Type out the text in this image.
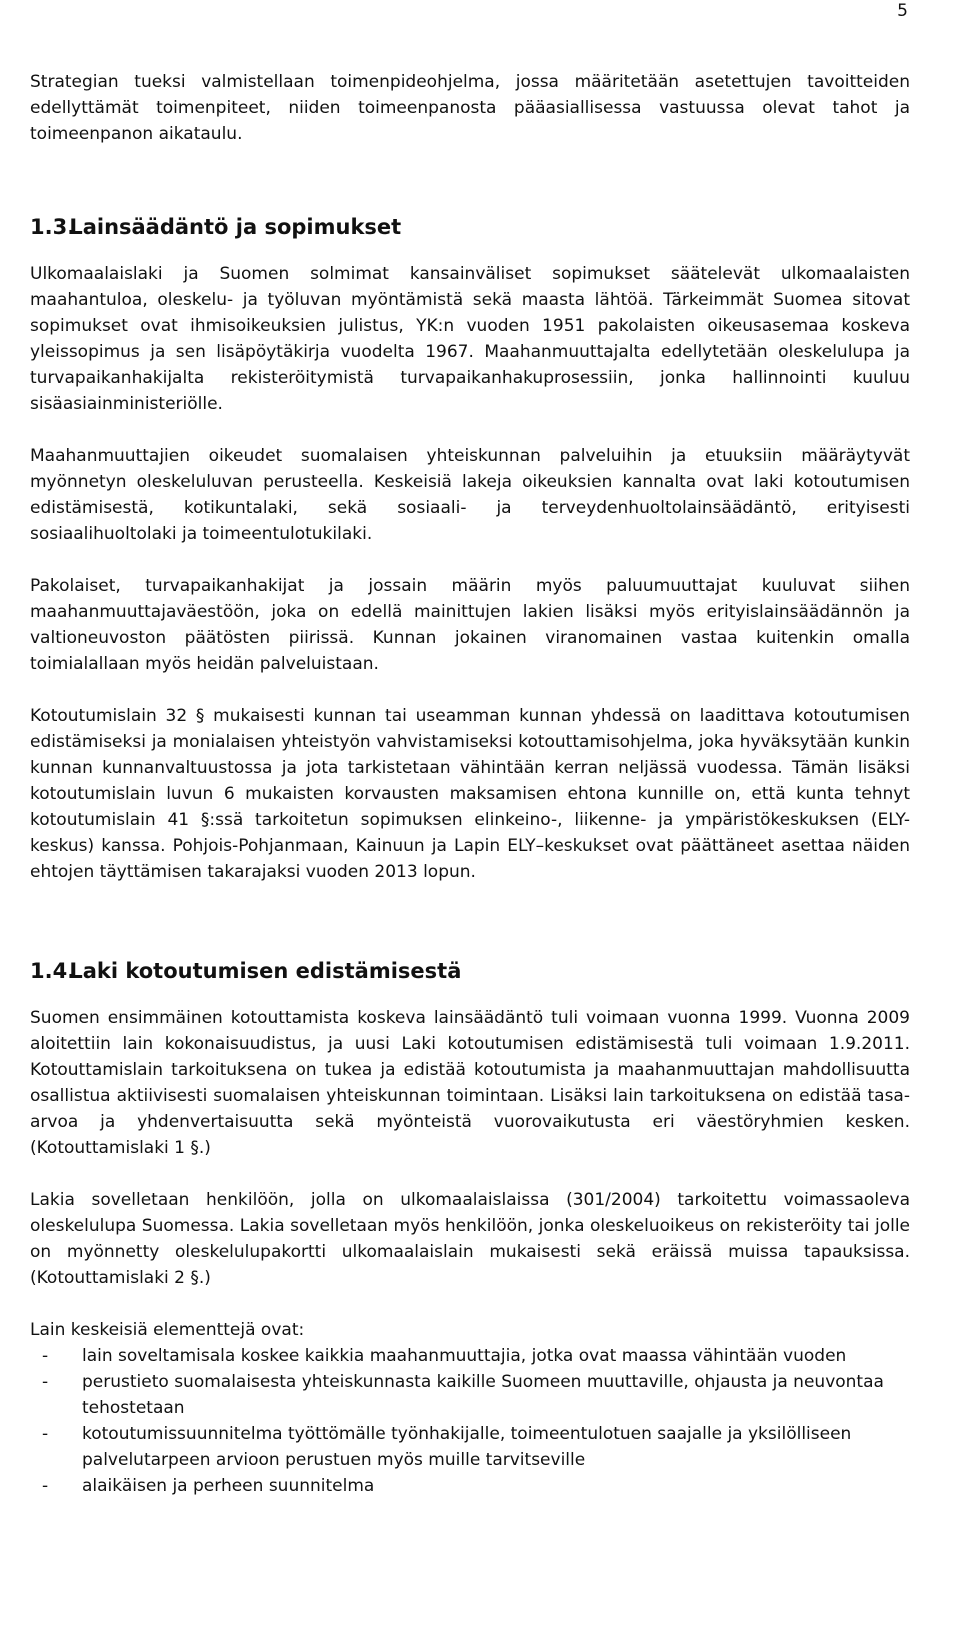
5

Strategian tueksi valmistellaan toimenpideohjelma, jossa määritetään asetettujen tavoitteiden edellyttämät toimenpiteet, niiden toimeenpanosta pääasiallisessa vastuussa olevat tahot ja toimeenpanon aikataulu.

1.3. Lainsäädäntö ja sopimukset

Ulkomaalaislaki ja Suomen solmimat kansainväliset sopimukset säätelevät ulkomaalaisten maahantuloa, oleskelu- ja työluvan myöntämistä sekä maasta lähtöä. Tärkeimmät Suomea sitovat sopimukset ovat ihmisoikeuksien julistus, YK:n vuoden 1951 pakolaisten oikeusasemaa koskeva yleissopimus ja sen lisäpöytäkirja vuodelta 1967. Maahanmuuttajalta edellytetään oleskelulupa ja turvapaikanhakijalta rekisteröitymistä turvapaikanhakuprosessiin, jonka hallinnointi kuuluu sisäasiainministeriölle.

Maahanmuuttajien oikeudet suomalaisen yhteiskunnan palveluihin ja etuuksiin määräytyvät myönnetyn oleskeluluvan perusteella. Keskeisiä lakeja oikeuksien kannalta ovat laki kotoutumisen edistämisestä, kotikuntalaki, sekä sosiaali- ja terveydenhuoltolainsäädäntö, erityisesti sosiaalihuoltolaki ja toimeentulotukilaki.

Pakolaiset, turvapaikanhakijat ja jossain määrin myös paluumuuttajat kuuluvat siihen maahanmuuttajaväestöön, joka on edellä mainittujen lakien lisäksi myös erityislainsäädännön ja valtioneuvoston päätösten piirissä. Kunnan jokainen viranomainen vastaa kuitenkin omalla toimialallaan myös heidän palveluistaan.

Kotoutumislain 32 § mukaisesti kunnan tai useamman kunnan yhdessä on laadittava kotoutumisen edistämiseksi ja monialaisen yhteistyön vahvistamiseksi kotouttamisohjelma, joka hyväksytään kunkin kunnan kunnanvaltuustossa ja jota tarkistetaan vähintään kerran neljässä vuodessa. Tämän lisäksi kotoutumislain luvun 6 mukaisten korvausten maksamisen ehtona kunnille on, että kunta tehnyt kotoutumislain 41 §:ssä tarkoitetun sopimuksen elinkeino-, liikenne- ja ympäristökeskuksen (ELY-keskus) kanssa. Pohjois-Pohjanmaan, Kainuun ja Lapin ELY–keskukset ovat päättäneet asettaa näiden ehtojen täyttämisen takarajaksi vuoden 2013 lopun.

1.4. Laki kotoutumisen edistämisestä

Suomen ensimmäinen kotouttamista koskeva lainsäädäntö tuli voimaan vuonna 1999. Vuonna 2009 aloitettiin lain kokonaisuudistus, ja uusi Laki kotoutumisen edistämisestä tuli voimaan 1.9.2011. Kotouttamislain tarkoituksena on tukea ja edistää kotoutumista ja maahanmuuttajan mahdollisuutta osallistua aktiivisesti suomalaisen yhteiskunnan toimintaan. Lisäksi lain tarkoituksena on edistää tasa-arvoa ja yhdenvertaisuutta sekä myönteistä vuorovaikutusta eri väestöryhmien kesken. (Kotouttamislaki 1 §.)

Lakia sovelletaan henkilöön, jolla on ulkomaalaislaissa (301/2004) tarkoitettu voimassaoleva oleskelulupa Suomessa. Lakia sovelletaan myös henkilöön, jonka oleskeluoikeus on rekisteröity tai jolle on myönnetty oleskelulupakortti ulkomaalaislain mukaisesti sekä eräissä muissa tapauksissa. (Kotouttamislaki 2 §.)

Lain keskeisiä elementtejä ovat:

- lain soveltamisala koskee kaikkia maahanmuuttajia, jotka ovat maassa vähintään vuoden
- perustieto suomalaisesta yhteiskunnasta kaikille Suomeen muuttaville, ohjausta ja neuvontaa tehostetaan
- kotoutumissuunnitelma työttömälle työnhakijalle, toimeentulotuen saajalle ja yksilölliseen palvelutarpeen arvioon perustuen myös muille tarvitseville
- alaikäisen ja perheen suunnitelma
